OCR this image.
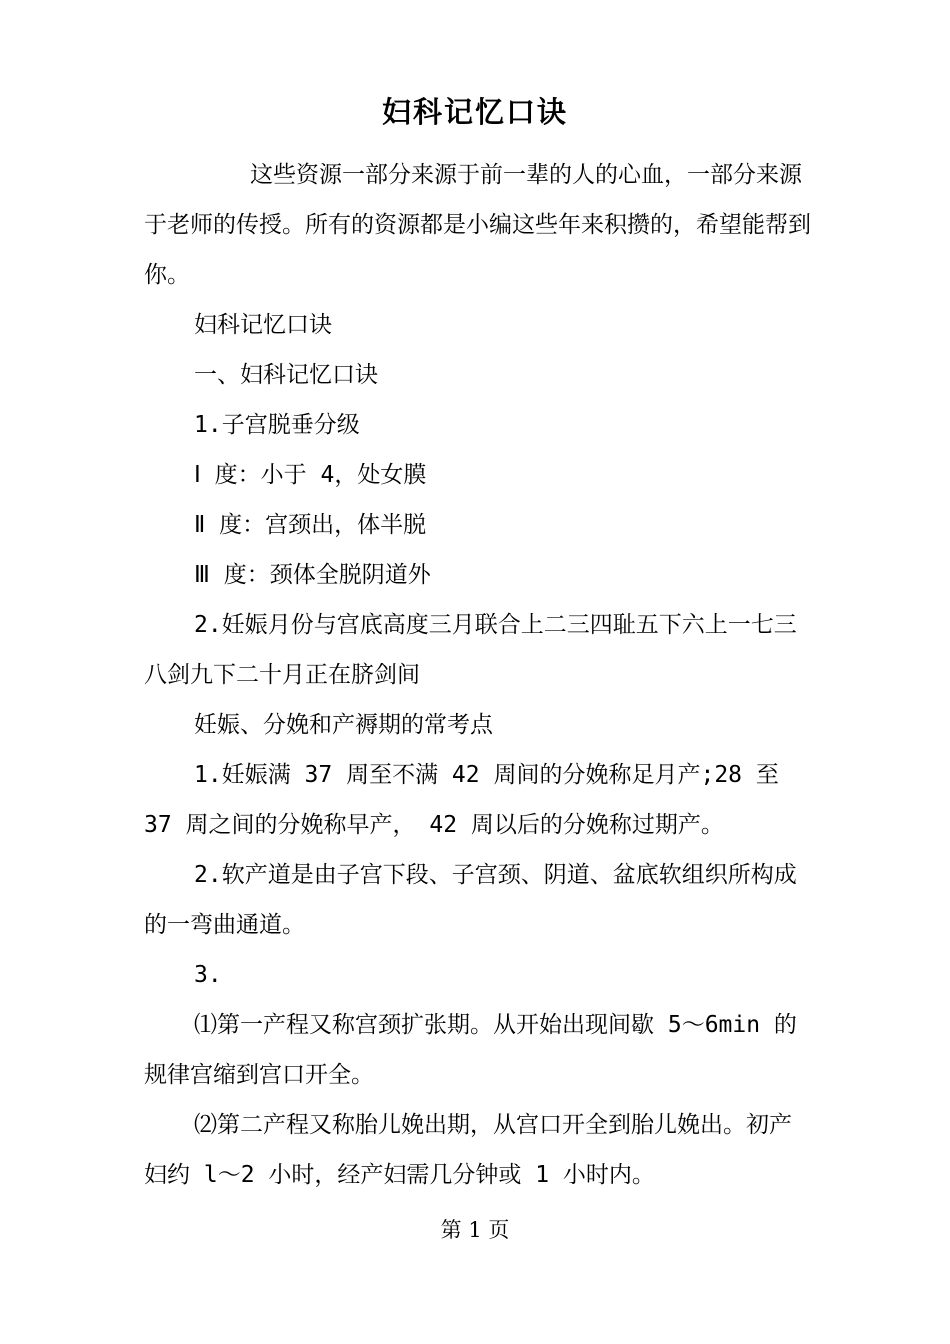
妇科记忆口诀

这些资源一部分来源于前一辈的人的心血，一部分来源于老师的传授。所有的资源都是小编这些年来积攒的，希望能帮到你。

妇科记忆口诀

一、妇科记忆口诀

1.子宫脱垂分级

Ⅰ 度：小于 4，处女膜

Ⅱ 度：宫颈出，体半脱

Ⅲ 度：颈体全脱阴道外

2.妊娠月份与宫底高度三月联合上二三四耻五下六上一七三八剑九下二十月正在脐剑间

妊娠、分娩和产褥期的常考点

1.妊娠满 37 周至不满 42 周间的分娩称足月产;28 至 37 周之间的分娩称早产， 42 周以后的分娩称过期产。

2.软产道是由子宫下段、子宫颈、阴道、盆底软组织所构成的一弯曲通道。

3.

⑴第一产程又称宫颈扩张期。从开始出现间歇 5～6min 的规律宫缩到宫口开全。

⑵第二产程又称胎儿娩出期，从宫口开全到胎儿娩出。初产妇约 l～2 小时，经产妇需几分钟或 1 小时内。

第 1 页
